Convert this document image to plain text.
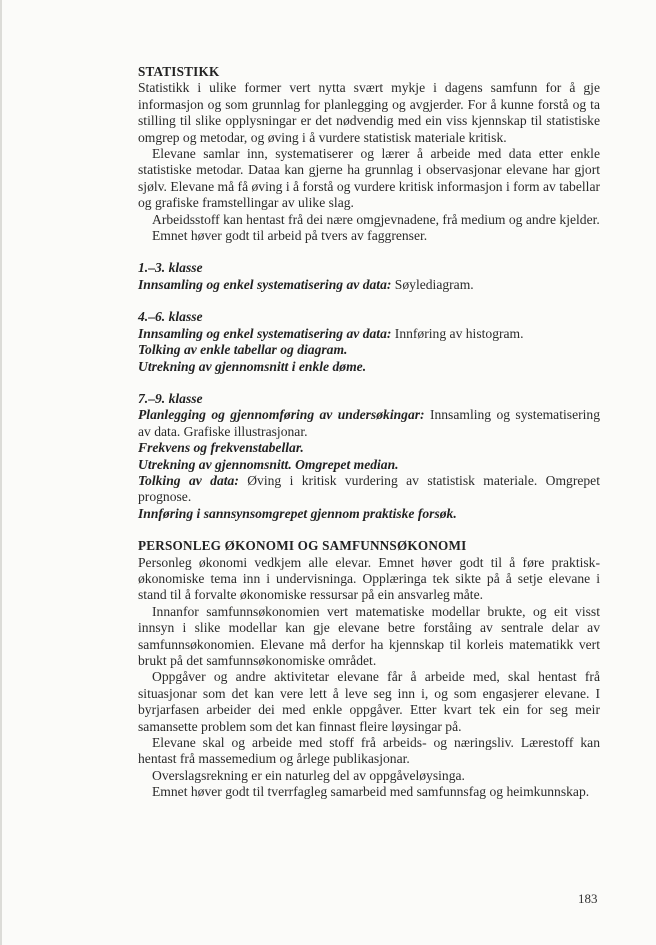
STATISTIKK

Statistikk i ulike former vert nytta svært mykje i dagens samfunn for å gje informasjon og som grunnlag for planlegging og avgjerder. For å kunne forstå og ta stilling til slike opplysningar er det nødvendig med ein viss kjennskap til statistiske omgrep og metodar, og øving i å vurdere statistisk materiale kritisk.

Elevane samlar inn, systematiserer og lærer å arbeide med data etter enkle statistiske metodar. Dataa kan gjerne ha grunnlag i observasjonar elevane har gjort sjølv. Elevane må få øving i å forstå og vurdere kritisk informasjon i form av tabellar og grafiske framstellingar av ulike slag.

Arbeidsstoff kan hentast frå dei nære omgjevnadene, frå medium og andre kjelder.

Emnet høver godt til arbeid på tvers av faggrenser.

1.–3. klasse

Innsamling og enkel systematisering av data: Søylediagram.

4.–6. klasse

Innsamling og enkel systematisering av data: Innføring av histogram.

Tolking av enkle tabellar og diagram.

Utrekning av gjennomsnitt i enkle døme.

7.–9. klasse

Planlegging og gjennomføring av undersøkingar: Innsamling og systematisering av data. Grafiske illustrasjonar.

Frekvens og frekvenstabellar.

Utrekning av gjennomsnitt. Omgrepet median.

Tolking av data: Øving i kritisk vurdering av statistisk materiale. Omgrepet prognose.

Innføring i sannsynsomgrepet gjennom praktiske forsøk.

PERSONLEG ØKONOMI OG SAMFUNNSØKONOMI

Personleg økonomi vedkjem alle elevar. Emnet høver godt til å føre praktisk-økonomiske tema inn i undervisninga. Opplæringa tek sikte på å setje elevane i stand til å forvalte økonomiske ressursar på ein ansvarleg måte.

Innanfor samfunnsøkonomien vert matematiske modellar brukte, og eit visst innsyn i slike modellar kan gje elevane betre forståing av sentrale delar av samfunnsøkonomien. Elevane må derfor ha kjennskap til korleis matematikk vert brukt på det samfunnsøkonomiske området.

Oppgåver og andre aktivitetar elevane får å arbeide med, skal hentast frå situasjonar som det kan vere lett å leve seg inn i, og som engasjerer elevane. I byrjarfasen arbeider dei med enkle oppgåver. Etter kvart tek ein for seg meir samansette problem som det kan finnast fleire løysingar på.

Elevane skal og arbeide med stoff frå arbeids- og næringsliv. Lærestoff kan hentast frå massemedium og årlege publikasjonar.

Overslagsrekning er ein naturleg del av oppgåveløysinga.

Emnet høver godt til tverrfagleg samarbeid med samfunnsfag og heimkunnskap.

183
